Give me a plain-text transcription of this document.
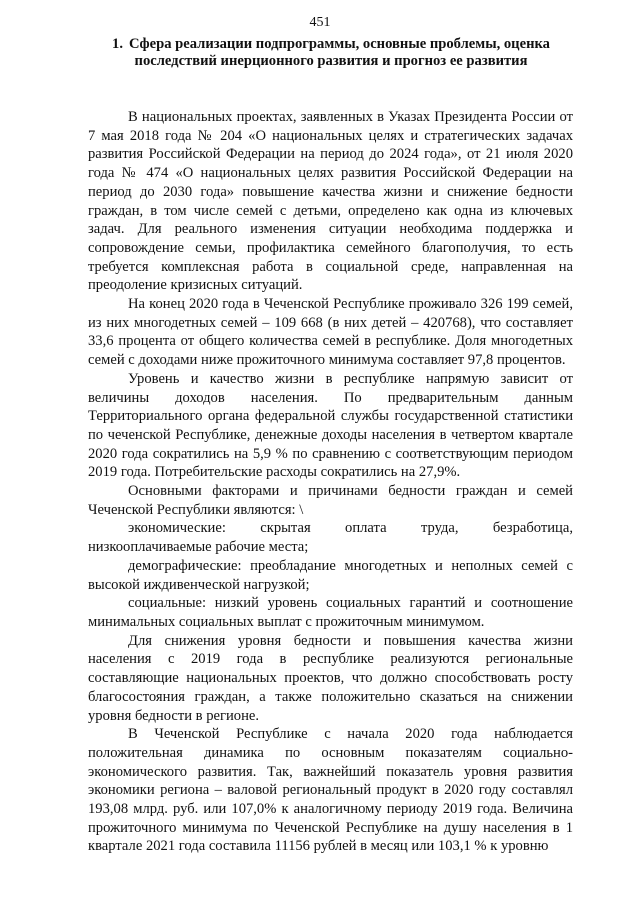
451
1. Сфера реализации подпрограммы, основные проблемы, оценка последствий инерционного развития и прогноз ее развития

В национальных проектах, заявленных в Указах Президента России от 7 мая 2018 года № 204 «О национальных целях и стратегических задачах развития Российской Федерации на период до 2024 года», от 21 июля 2020 года № 474 «О национальных целях развития Российской Федерации на период до 2030 года» повышение качества жизни и снижение бедности граждан, в том числе семей с детьми, определено как одна из ключевых задач. Для реального изменения ситуации необходима поддержка и сопровождение семьи, профилактика семейного благополучия, то есть требуется комплексная работа в социальной среде, направленная на преодоление кризисных ситуаций.

На конец 2020 года в Чеченской Республике проживало 326 199 семей, из них многодетных семей – 109 668 (в них детей – 420768), что составляет 33,6 процента от общего количества семей в республике. Доля многодетных семей с доходами ниже прожиточного минимума составляет 97,8 процентов.

Уровень и качество жизни в республике напрямую зависит от величины доходов населения. По предварительным данным Территориального органа федеральной службы государственной статистики по чеченской Республике, денежные доходы населения в четвертом квартале 2020 года сократились на 5,9 % по сравнению с соответствующим периодом 2019 года. Потребительские расходы сократились на 27,9%.

Основными факторами и причинами бедности граждан и семей Чеченской Республики являются: \

экономические: скрытая оплата труда, безработица, низкооплачиваемые рабочие места;

демографические: преобладание многодетных и неполных семей с высокой иждивенческой нагрузкой;

социальные: низкий уровень социальных гарантий и соотношение минимальных социальных выплат с прожиточным минимумом.

Для снижения уровня бедности и повышения качества жизни населения с 2019 года в республике реализуются региональные составляющие национальных проектов, что должно способствовать росту благосостояния граждан, а также положительно сказаться на снижении уровня бедности в регионе.

В Чеченской Республике с начала 2020 года наблюдается положительная динамика по основным показателям социально-экономического развития. Так, важнейший показатель уровня развития экономики региона – валовой региональный продукт в 2020 году составлял 193,08 млрд. руб. или 107,0% к аналогичному периоду 2019 года. Величина прожиточного минимума по Чеченской Республике на душу населения в 1 квартале 2021 года составила 11156 рублей в месяц или 103,1 % к уровню
